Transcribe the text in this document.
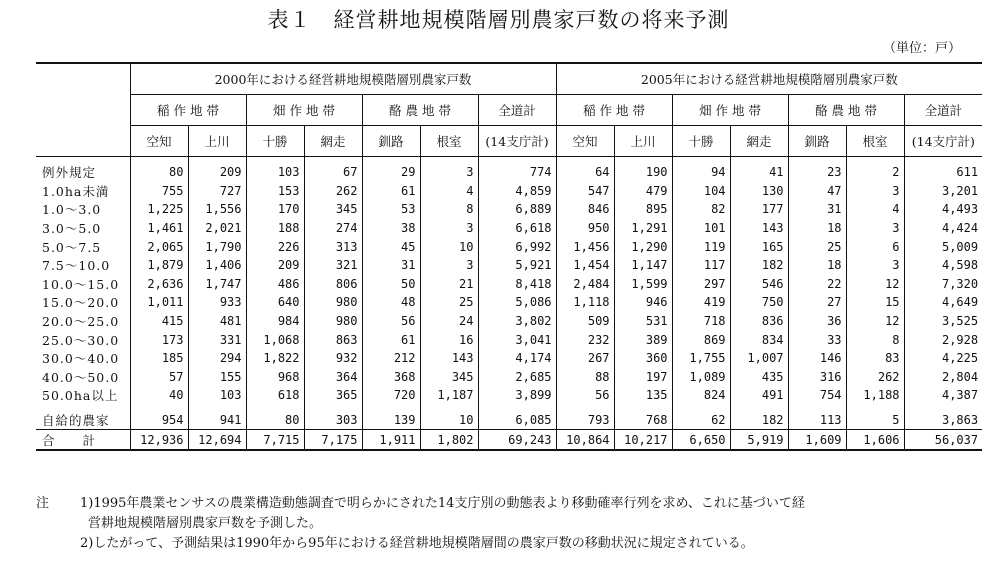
表１　経営耕地規模階層別農家戸数の将来予測
（単位：戸）
	2000年における経営耕地規模階層別農家戸数							2005年における経営耕地規模階層別農家戸数						
	稲 作 地 帯		畑 作 地 帯		酪 農 地 帯		全道計	稲 作 地 帯		畑 作 地 帯		酪 農 地 帯		全道計
	空知	上川	十勝	網走	釧路	根室	(14支庁計)	空知	上川	十勝	網走	釧路	根室	(14支庁計)
例外規定	80	209	103	67	29	3	774	64	190	94	41	23	2	611
1.0ha未満	755	727	153	262	61	4	4,859	547	479	104	130	47	3	3,201
1.0～3.0	1,225	1,556	170	345	53	8	6,889	846	895	82	177	31	4	4,493
3.0～5.0	1,461	2,021	188	274	38	3	6,618	950	1,291	101	143	18	3	4,424
5.0～7.5	2,065	1,790	226	313	45	10	6,992	1,456	1,290	119	165	25	6	5,009
7.5～10.0	1,879	1,406	209	321	31	3	5,921	1,454	1,147	117	182	18	3	4,598
10.0～15.0	2,636	1,747	486	806	50	21	8,418	2,484	1,599	297	546	22	12	7,320
15.0～20.0	1,011	933	640	980	48	25	5,086	1,118	946	419	750	27	15	4,649
20.0～25.0	415	481	984	980	56	24	3,802	509	531	718	836	36	12	3,525
25.0～30.0	173	331	1,068	863	61	16	3,041	232	389	869	834	33	8	2,928
30.0～40.0	185	294	1,822	932	212	143	4,174	267	360	1,755	1,007	146	83	4,225
40.0～50.0	57	155	968	364	368	345	2,685	88	197	1,089	435	316	262	2,804
50.0ha以上	40	103	618	365	720	1,187	3,899	56	135	824	491	754	1,188	4,387
自給的農家	954	941	80	303	139	10	6,085	793	768	62	182	113	5	3,863
合　　計	12,936	12,694	7,715	7,175	1,911	1,802	69,243	10,864	10,217	6,650	5,919	1,609	1,606	56,037
注	1)1995年農業センサスの農業構造動態調査で明らかにされた14支庁別の動態表より移動確率行列を求め、これに基づいて経
営耕地規模階層別農家戸数を予測した。
2)したがって、予測結果は1990年から95年における経営耕地規模階層間の農家戸数の移動状況に規定されている。
